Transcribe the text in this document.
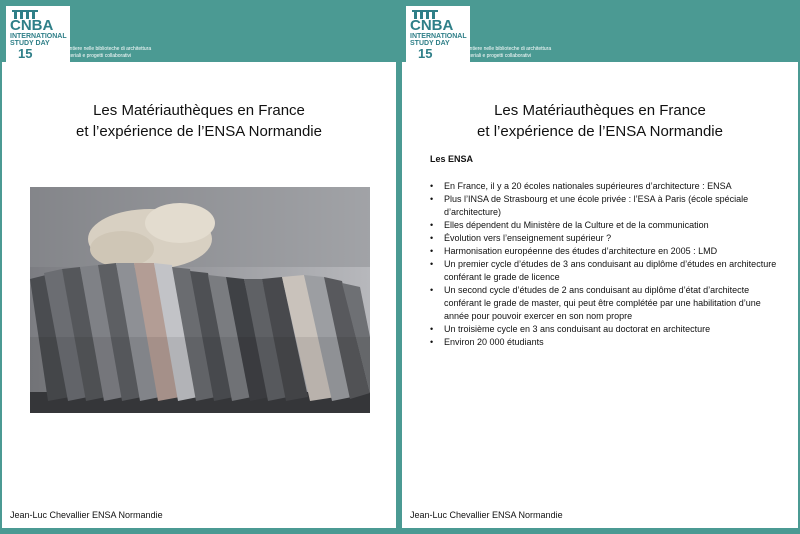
CNBA
INTERNATIONAL STUDY DAY
15	Nuove frontiere nelle biblioteche di architettura
edifici materiali e progetti collaborativi
Les Matériauthèques en France
et l’expérience de l’ENSA Normandie
Jean-Luc Chevallier ENSA Normandie
CNBA
INTERNATIONAL STUDY DAY
15	Nuove frontiere nelle biblioteche di architettura
edifici materiali e progetti collaborativi
Les Matériauthèques en France
et l’expérience de l’ENSA Normandie
Les ENSA
• En France, il y a 20 écoles nationales supérieures d’architecture : ENSA
• Plus l’INSA de Strasbourg et une école privée : l’ESA à Paris (école spéciale d’architecture)
• Elles dépendent du Ministère de la Culture et de la communication
• Évolution vers l’enseignement supérieur ?
• Harmonisation européenne des études d’architecture en 2005 : LMD
• Un premier cycle d’études de 3 ans conduisant au diplôme d’études en architecture conférant le grade de licence
• Un second cycle d’études de 2 ans conduisant au diplôme d’état d’architecte conférant le grade de master, qui peut être complétée par une habilitation d’une année pour pouvoir exercer en son nom propre
• Un troisième cycle en 3 ans conduisant au doctorat en architecture
• Environ 20 000 étudiants
Jean-Luc Chevallier ENSA Normandie
